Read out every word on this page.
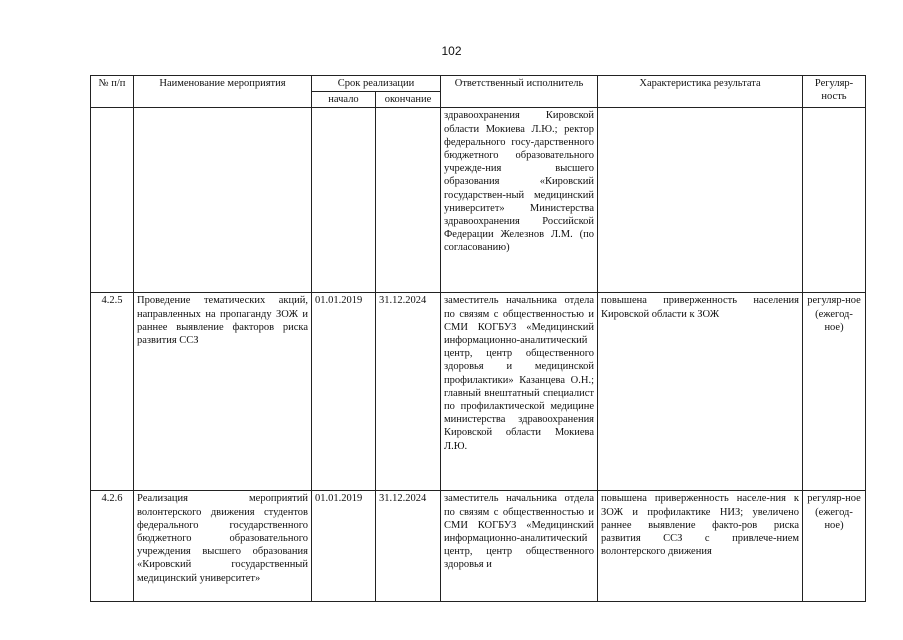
102
№ п/п	Наименование мероприятия	Срок реализации		Ответственный исполнитель	Характеристика результата	Регуляр-ность
		начало	окончание			
				здравоохранения Кировской области Мокиева Л.Ю.; ректор федерального госу-дарственного бюджетного образовательного учрежде-ния высшего образования «Кировский государствен-ный медицинский университет» Министерства здравоохранения Российской Федерации Железнов Л.М. (по согласованию)		
4.2.5	Проведение тематических акций, направленных на пропаганду ЗОЖ и раннее выявление факторов риска развития ССЗ	01.01.2019	31.12.2024	заместитель начальника отдела по связям с общественностью и СМИ КОГБУЗ «Медицинский информационно-аналитический центр, центр общественного здоровья и медицинской профилактики» Казанцева О.Н.; главный внештатный специалист по профилактической медицине министерства здравоохранения Кировской области Мокиева Л.Ю.	повышена приверженность населения Кировской области к ЗОЖ	регуляр-ное (ежегод-ное)
4.2.6	Реализация мероприятий волонтерского движения студентов федерального государственного бюджетного образовательного учреждения высшего образования «Кировский государственный медицинский университет»	01.01.2019	31.12.2024	заместитель начальника отдела по связям с общественностью и СМИ КОГБУЗ «Медицинский информационно-аналитический центр, центр общественного здоровья и	повышена приверженность населе-ния к ЗОЖ и профилактике НИЗ; увеличено раннее выявление факто-ров риска развития ССЗ с привлече-нием волонтерского движения	регуляр-ное (ежегод-ное)
